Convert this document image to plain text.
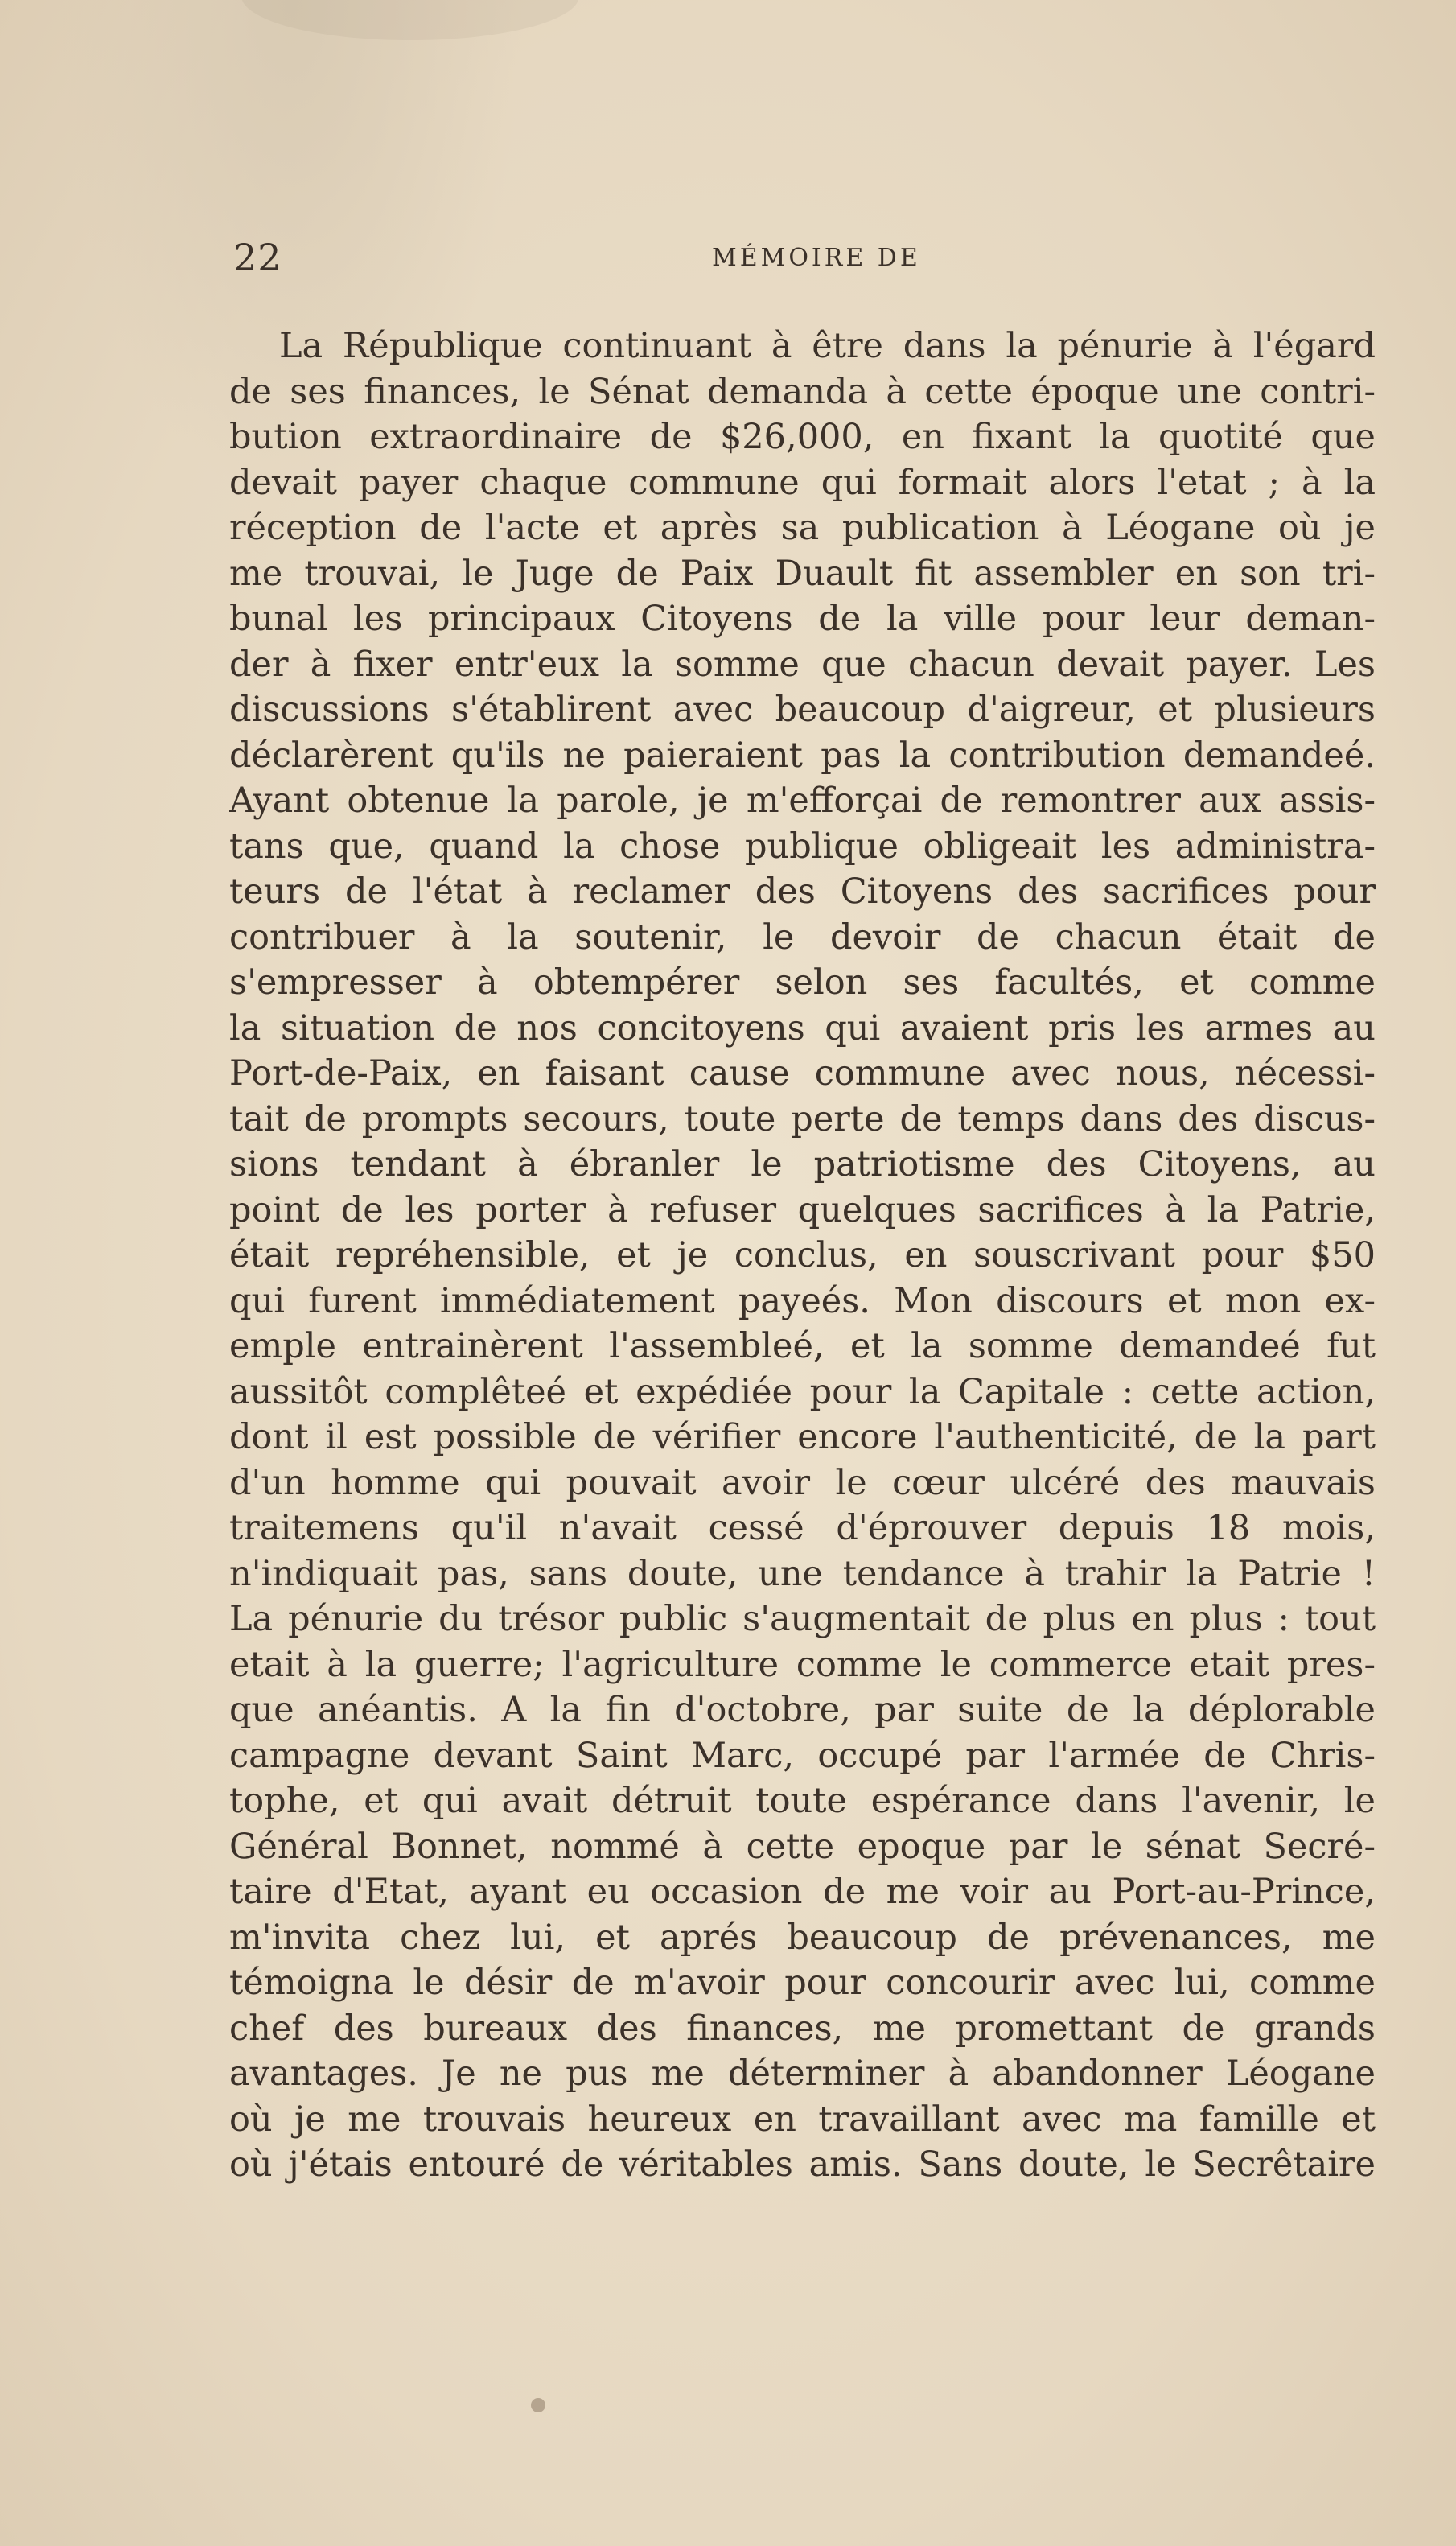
22	MÉMOIRE DE
La République continuant à être dans la pénurie à l'égard
de ses finances, le Sénat demanda à cette époque une contri-
bution extraordinaire de $26,000, en fixant la quotité que
devait payer chaque commune qui formait alors l'etat ; à la
réception de l'acte et après sa publication à Léogane où je
me trouvai, le Juge de Paix Duault fit assembler en son tri-
bunal les principaux Citoyens de la ville pour leur deman-
der à fixer entr'eux la somme que chacun devait payer. Les
discussions s'établirent avec beaucoup d'aigreur, et plusieurs
déclarèrent qu'ils ne paieraient pas la contribution demandeé.
Ayant obtenue la parole, je m'efforçai de remontrer aux assis-
tans que, quand la chose publique obligeait les administra-
teurs de l'état à reclamer des Citoyens des sacrifices pour
contribuer à la soutenir, le devoir de chacun était de
s'empresser à obtempérer selon ses facultés, et comme
la situation de nos concitoyens qui avaient pris les armes au
Port-de-Paix, en faisant cause commune avec nous, nécessi-
tait de prompts secours, toute perte de temps dans des discus-
sions tendant à ébranler le patriotisme des Citoyens, au
point de les porter à refuser quelques sacrifices à la Patrie,
était repréhensible, et je conclus, en souscrivant pour $50
qui furent immédiatement payeés. Mon discours et mon ex-
emple entrainèrent l'assembleé, et la somme demandeé fut
aussitôt complêteé et expédiée pour la Capitale : cette action,
dont il est possible de vérifier encore l'authenticité, de la part
d'un homme qui pouvait avoir le cœur ulcéré des mauvais
traitemens qu'il n'avait cessé d'éprouver depuis 18 mois,
n'indiquait pas, sans doute, une tendance à trahir la Patrie !
La pénurie du trésor public s'augmentait de plus en plus : tout
etait à la guerre; l'agriculture comme le commerce etait pres-
que anéantis. A la fin d'octobre, par suite de la déplorable
campagne devant Saint Marc, occupé par l'armée de Chris-
tophe, et qui avait détruit toute espérance dans l'avenir, le
Général Bonnet, nommé à cette epoque par le sénat Secré-
taire d'Etat, ayant eu occasion de me voir au Port-au-Prince,
m'invita chez lui, et aprés beaucoup de prévenances, me
témoigna le désir de m'avoir pour concourir avec lui, comme
chef des bureaux des finances, me promettant de grands
avantages. Je ne pus me déterminer à abandonner Léogane
où je me trouvais heureux en travaillant avec ma famille et
où j'étais entouré de véritables amis. Sans doute, le Secrêtaire
